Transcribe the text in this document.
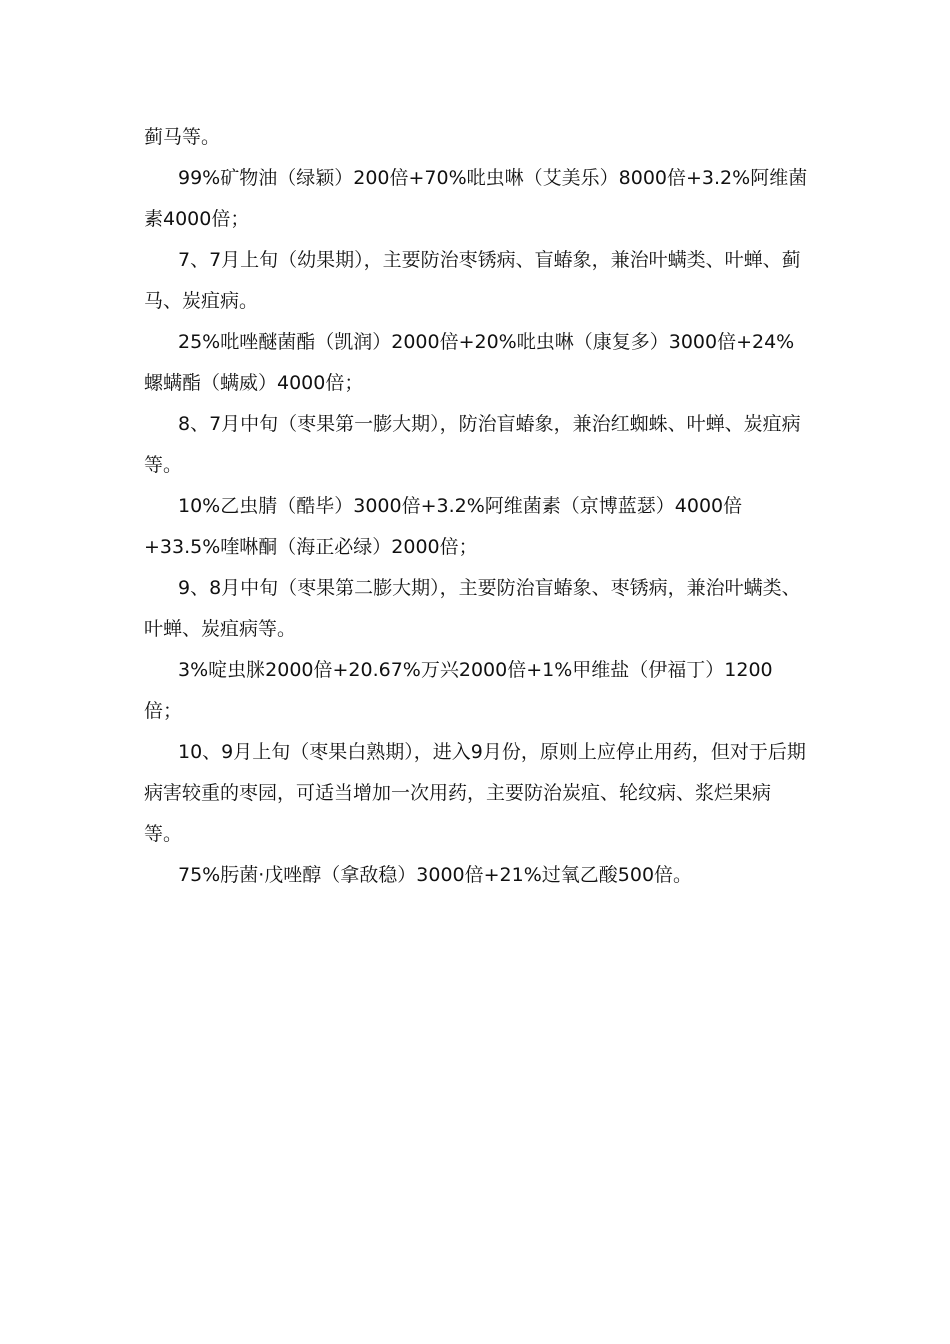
蓟马等。

99%矿物油（绿颖）200倍+70%吡虫啉（艾美乐）8000倍+3.2%阿维菌素4000倍；

7、7月上旬（幼果期），主要防治枣锈病、盲蝽象，兼治叶螨类、叶蝉、蓟马、炭疽病。

25%吡唑醚菌酯（凯润）2000倍+20%吡虫啉（康复多）3000倍+24%螺螨酯（螨威）4000倍；

8、7月中旬（枣果第一膨大期），防治盲蝽象，兼治红蜘蛛、叶蝉、炭疽病等。

10%乙虫腈（酷毕）3000倍+3.2%阿维菌素（京博蓝瑟）4000倍+33.5%喹啉酮（海正必绿）2000倍；

9、8月中旬（枣果第二膨大期），主要防治盲蝽象、枣锈病，兼治叶螨类、叶蝉、炭疽病等。

3%啶虫脒2000倍+20.67%万兴2000倍+1%甲维盐（伊福丁）1200倍；

10、9月上旬（枣果白熟期），进入9月份，原则上应停止用药，但对于后期病害较重的枣园，可适当增加一次用药，主要防治炭疽、轮纹病、浆烂果病等。

75%肟菌·戊唑醇（拿敌稳）3000倍+21%过氧乙酸500倍。
